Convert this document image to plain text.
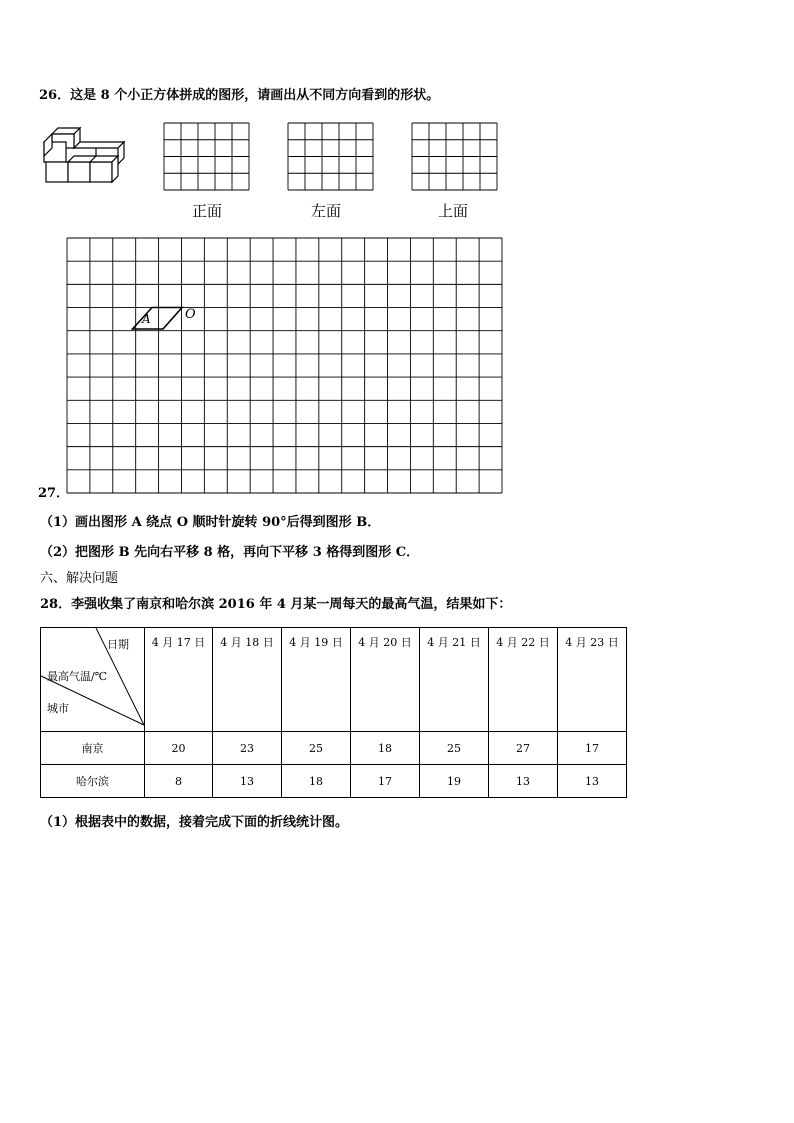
26．这是 8 个小正方体拼成的图形，请画出从不同方向看到的形状。
正面	左面	上面
A	O
27．
（1）画出图形 A 绕点 O 顺时针旋转 90°后得到图形 B．
（2）把图形 B 先向右平移 8 格，再向下平移 3 格得到图形 C．
六、解决问题
28．李强收集了南京和哈尔滨 2016 年 4 月某一周每天的最高气温，结果如下：
日期
最高气温/℃
城市	4 月 17 日	4 月 18 日	4 月 19 日	4 月 20 日	4 月 21 日	4 月 22 日	4 月 23 日
南京	20	23	25	18	25	27	17
哈尔滨	8	13	18	17	19	13	13
（1）根据表中的数据，接着完成下面的折线统计图。
